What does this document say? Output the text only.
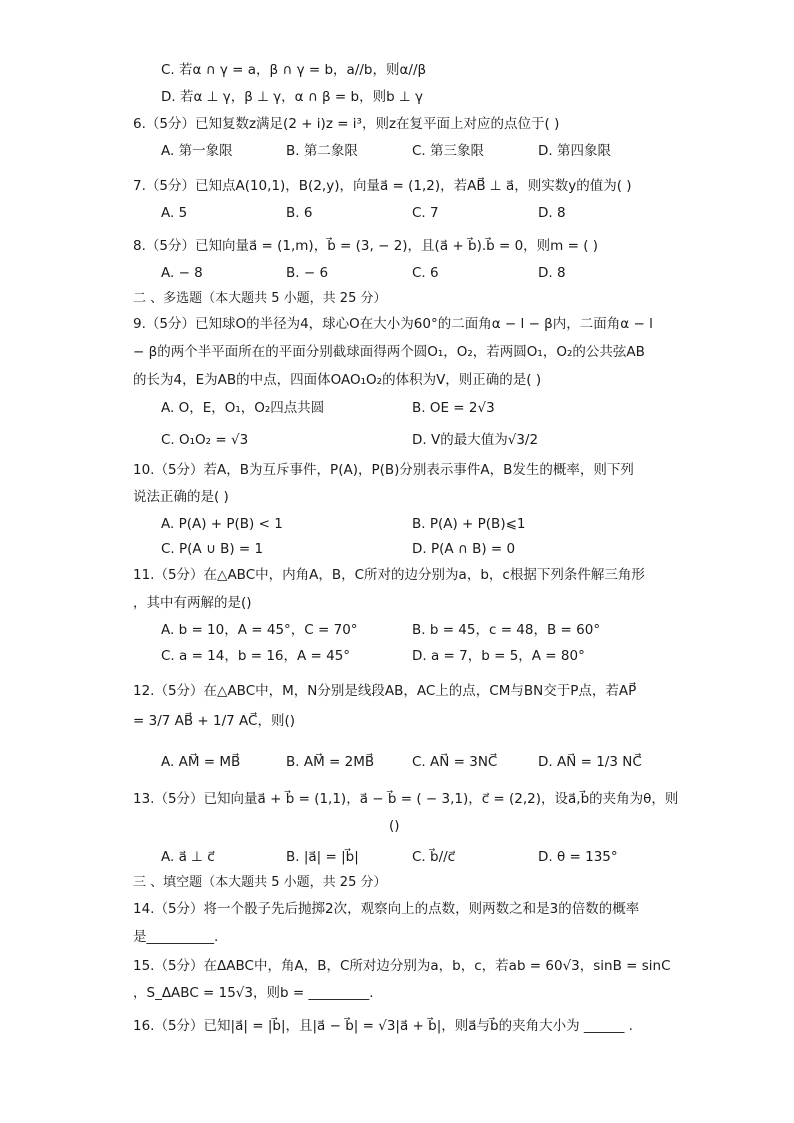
C. 若α ∩ γ = a，β ∩ γ = b，a//b，则α//β
D. 若α ⊥ γ，β ⊥ γ，α ∩ β = b，则b ⊥ γ
6.（5分）已知复数z满足(2 + i)z = i³，则z在复平面上对应的点位于( )
A. 第一象限	B. 第二象限	C. 第三象限	D. 第四象限
7.（5分）已知点A(10,1)，B(2,y)，向量a⃗ = (1,2)，若AB⃗ ⊥ a⃗，则实数y的值为( )
A. 5	B. 6	C. 7	D. 8
8.（5分）已知向量a⃗ = (1,m)，b⃗ = (3, − 2)，且(a⃗ + b⃗).b⃗ = 0，则m = ( )
A. − 8	B. − 6	C. 6	D. 8
二 、多选题（本大题共 5 小题，共 25 分）
9.（5分）已知球O的半径为4，球心O在大小为60°的二面角α − l − β内，二面角α − l
− β的两个半平面所在的平面分别截球面得两个圆O₁，O₂，若两圆O₁，O₂的公共弦AB
的长为4，E为AB的中点，四面体OAO₁O₂的体积为V，则正确的是( )
A. O，E，O₁，O₂四点共圆	B. OE = 2√3
C. O₁O₂ = √3	D. V的最大值为√3/2
10.（5分）若A，B为互斥事件，P(A)，P(B)分别表示事件A，B发生的概率，则下列
说法正确的是( )
A. P(A) + P(B) < 1	B. P(A) + P(B)⩽1
C. P(A ∪ B) = 1	D. P(A ∩ B) = 0
11.（5分）在△ABC中，内角A，B，C所对的边分别为a，b，c根据下列条件解三角形
，其中有两解的是()
A. b = 10，A = 45°，C = 70°	B. b = 45，c = 48，B = 60°
C. a = 14，b = 16，A = 45°	D. a = 7，b = 5，A = 80°
12.（5分）在△ABC中，M，N分别是线段AB，AC上的点，CM与BN交于P点，若AP⃗
= 3/7 AB⃗ + 1/7 AC⃗，则()
A. AM⃗ = MB⃗	B. AM⃗ = 2MB⃗	C. AN⃗ = 3NC⃗	D. AN⃗ = 1/3 NC⃗
13.（5分）已知向量a⃗ + b⃗ = (1,1)，a⃗ − b⃗ = ( − 3,1)，c⃗ = (2,2)，设a⃗,b⃗的夹角为θ，则
()
A. a⃗ ⊥ c⃗	B. |a⃗| = |b⃗|	C. b⃗//c⃗	D. θ = 135°
三 、填空题（本大题共 5 小题，共 25 分）
14.（5分）将一个骰子先后抛掷2次，观察向上的点数，则两数之和是3的倍数的概率
是__________.
15.（5分）在ΔABC中，角A，B，C所对边分别为a，b，c，若ab = 60√3，sinB = sinC
，S_ΔABC = 15√3，则b = _________.
16.（5分）已知|a⃗| = |b⃗|，且|a⃗ − b⃗| = √3|a⃗ + b⃗|，则a⃗与b⃗的夹角大小为 ______ .
